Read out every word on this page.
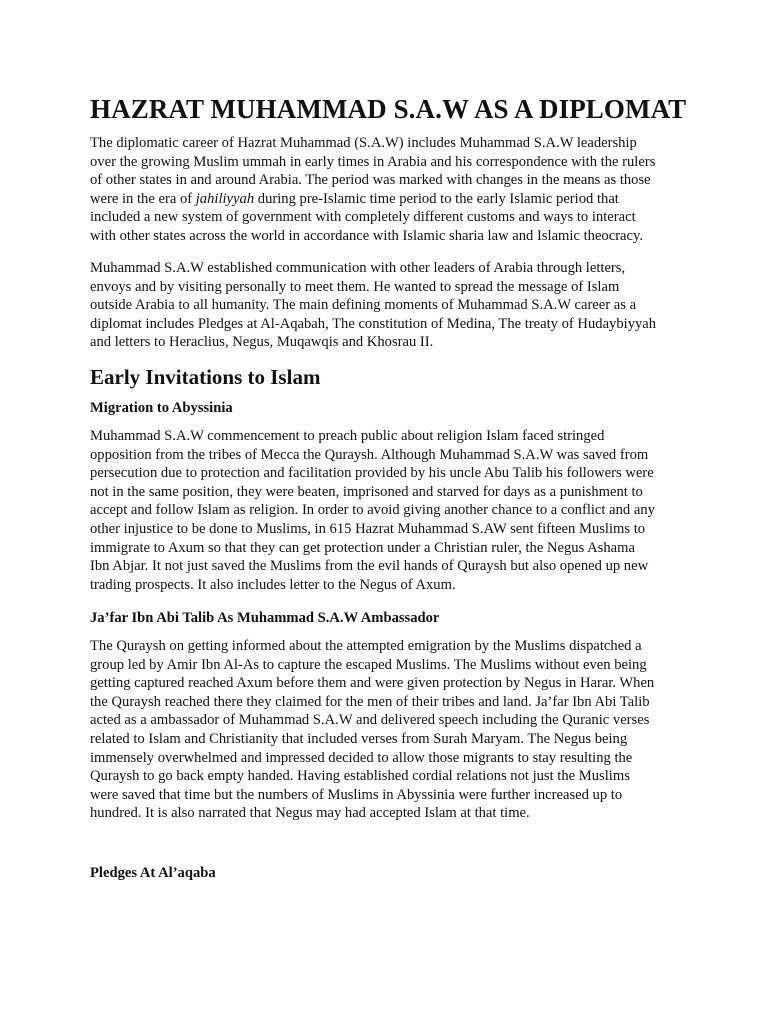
HAZRAT MUHAMMAD S.A.W AS A DIPLOMAT

The diplomatic career of Hazrat Muhammad (S.A.W) includes Muhammad S.A.W leadership
over the growing Muslim ummah in early times in Arabia and his correspondence with the rulers
of other states in and around Arabia. The period was marked with changes in the means as those
were in the era of jahiliyyah during pre-Islamic time period to the early Islamic period that
included a new system of government with completely different customs and ways to interact
with other states across the world in accordance with Islamic sharia law and Islamic theocracy.

Muhammad S.A.W established communication with other leaders of Arabia through letters,
envoys and by visiting personally to meet them. He wanted to spread the message of Islam
outside Arabia to all humanity. The main defining moments of Muhammad S.A.W career as a
diplomat includes Pledges at Al-Aqabah, The constitution of Medina, The treaty of Hudaybiyyah
and letters to Heraclius, Negus, Muqawqis and Khosrau II.

Early Invitations to Islam
Migration to Abyssinia

Muhammad S.A.W commencement to preach public about religion Islam faced stringed
opposition from the tribes of Mecca the Quraysh. Although Muhammad S.A.W was saved from
persecution due to protection and facilitation provided by his uncle Abu Talib his followers were
not in the same position, they were beaten, imprisoned and starved for days as a punishment to
accept and follow Islam as religion. In order to avoid giving another chance to a conflict and any
other injustice to be done to Muslims, in 615 Hazrat Muhammad S.AW sent fifteen Muslims to
immigrate to Axum so that they can get protection under a Christian ruler, the Negus Ashama
Ibn Abjar. It not just saved the Muslims from the evil hands of Quraysh but also opened up new
trading prospects. It also includes letter to the Negus of Axum.

Ja’far Ibn Abi Talib As Muhammad S.A.W Ambassador

The Quraysh on getting informed about the attempted emigration by the Muslims dispatched a
group led by Amir Ibn Al-As to capture the escaped Muslims. The Muslims without even being
getting captured reached Axum before them and were given protection by Negus in Harar. When
the Quraysh reached there they claimed for the men of their tribes and land. Ja’far Ibn Abi Talib
acted as a ambassador of Muhammad S.A.W and delivered speech including the Quranic verses
related to Islam and Christianity that included verses from Surah Maryam. The Negus being
immensely overwhelmed and impressed decided to allow those migrants to stay resulting the
Quraysh to go back empty handed. Having established cordial relations not just the Muslims
were saved that time but the numbers of Muslims in Abyssinia were further increased up to
hundred. It is also narrated that Negus may had accepted Islam at that time.

Pledges At Al’aqaba
